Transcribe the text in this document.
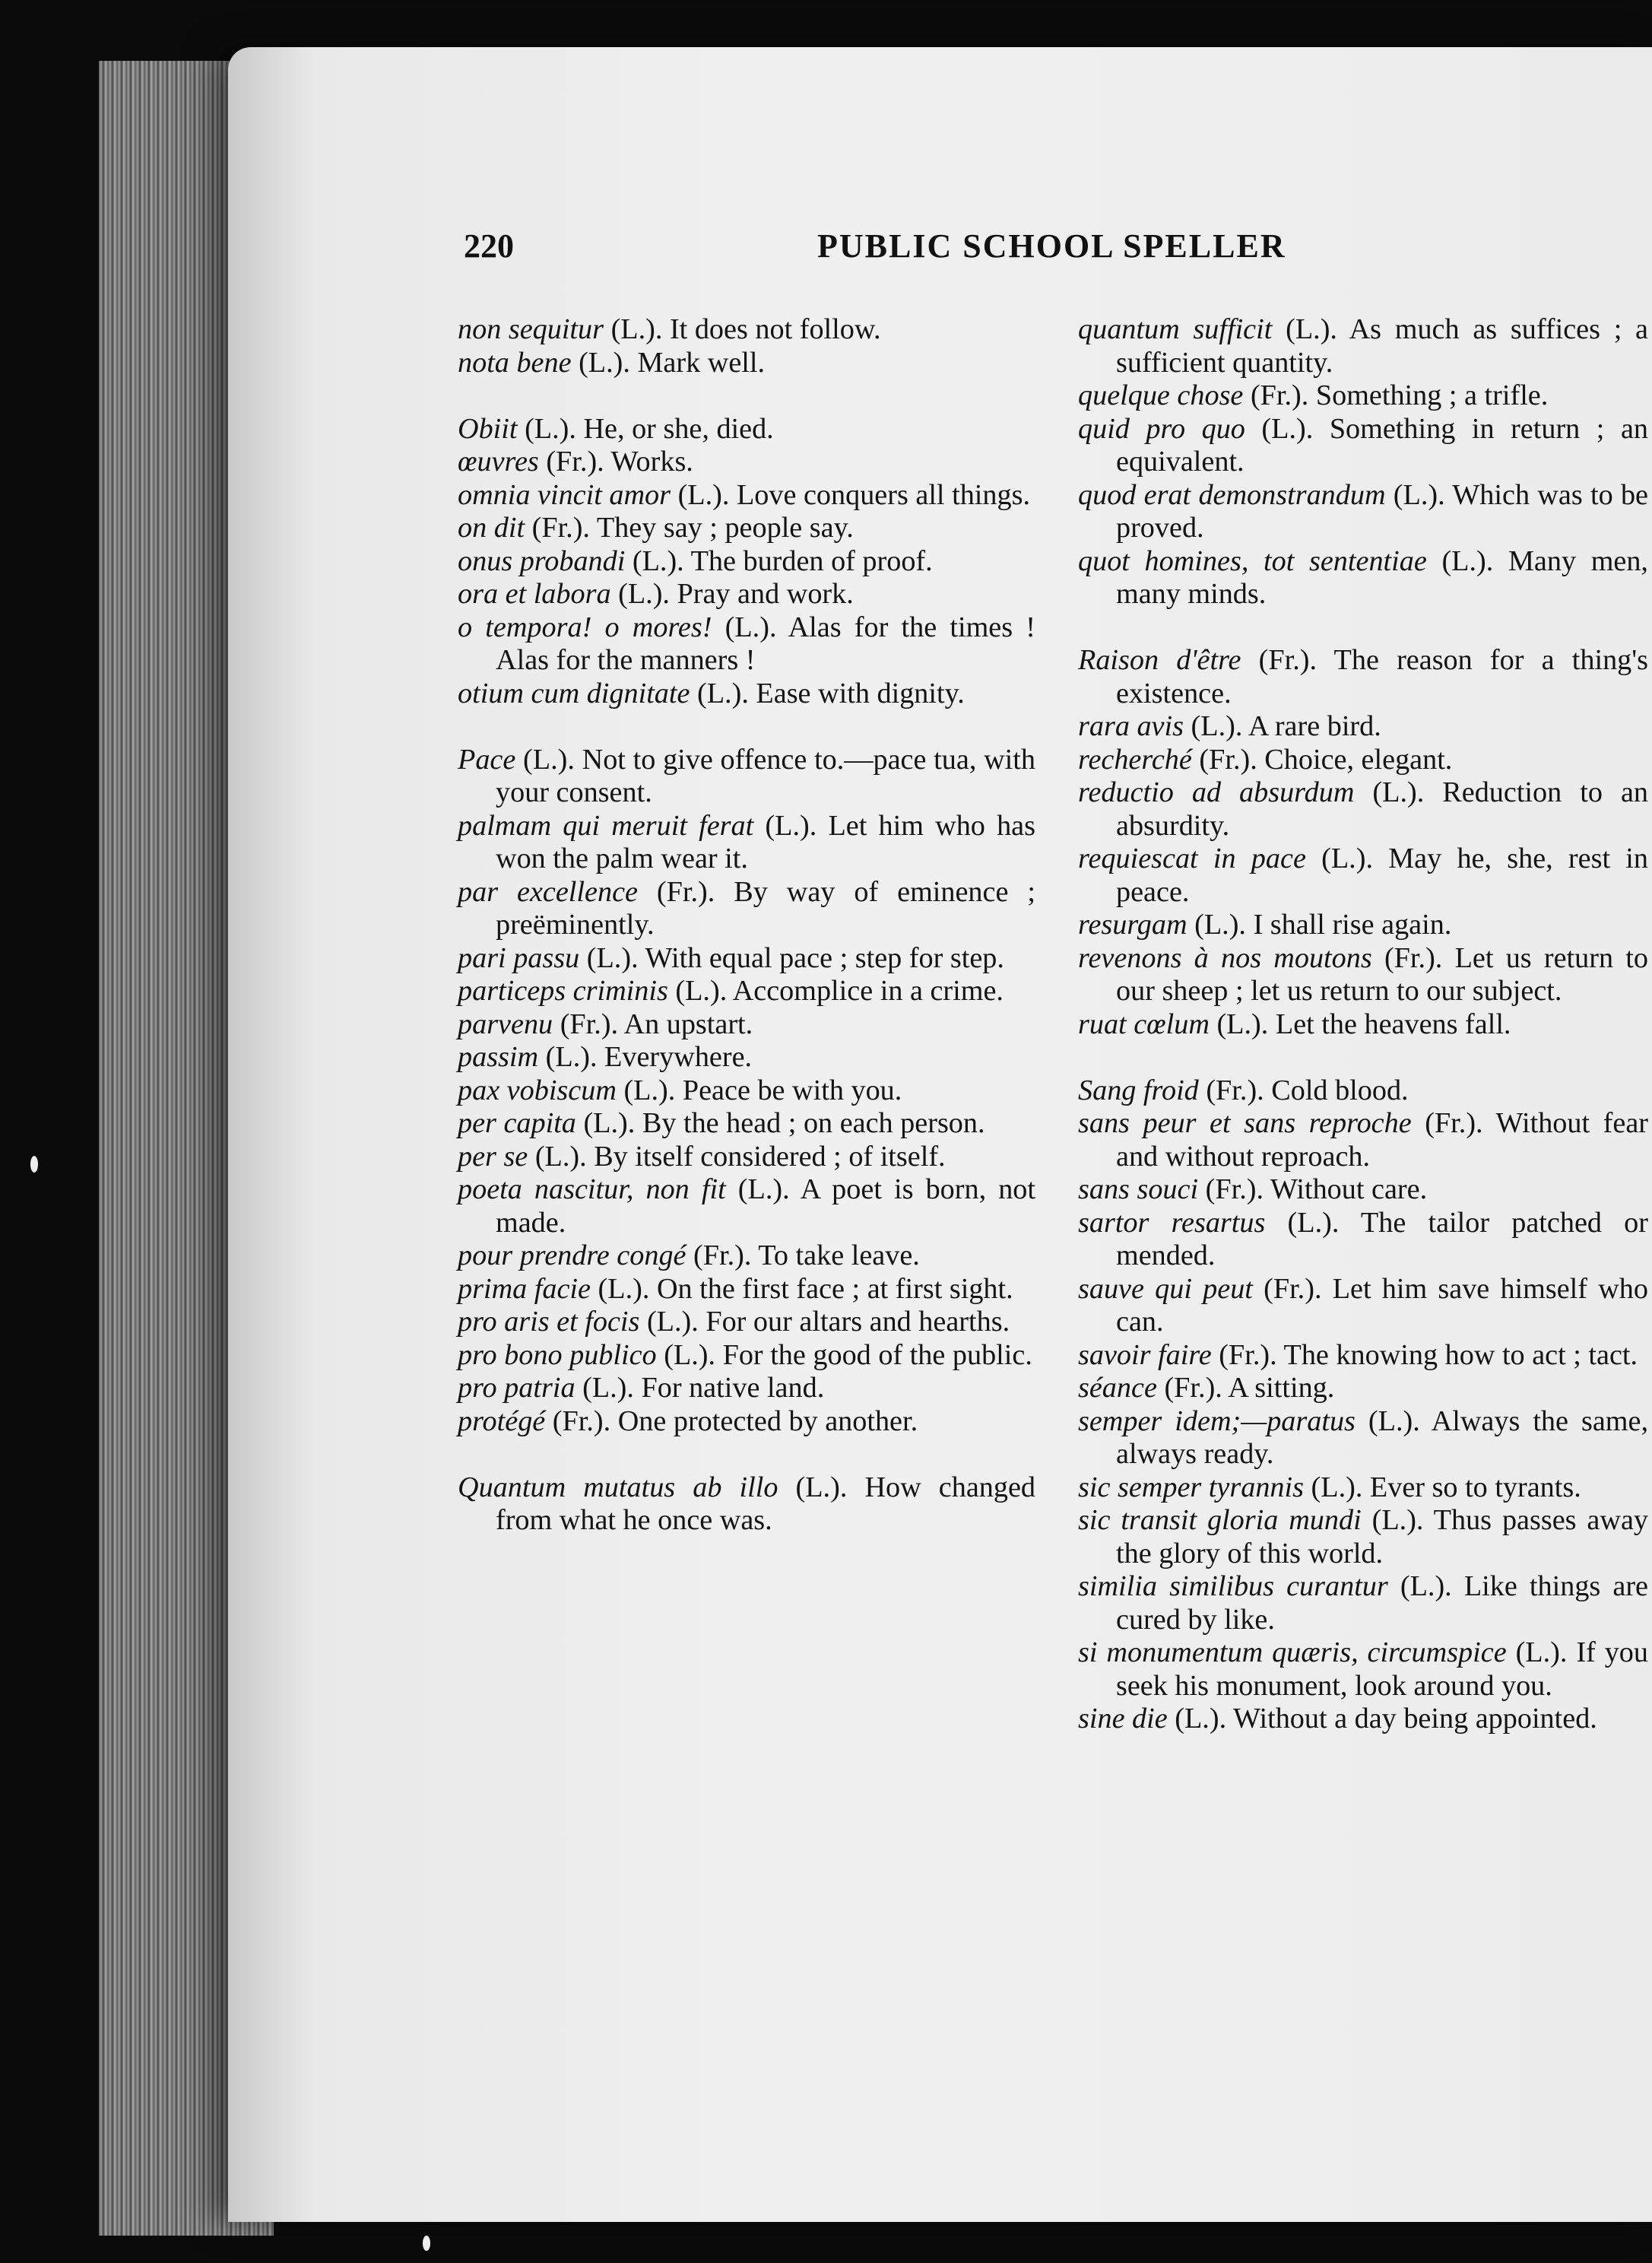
220	PUBLIC SCHOOL SPELLER

non sequitur (L.). It does not follow.

nota bene (L.). Mark well.

Obiit (L.). He, or she, died.

œuvres (Fr.). Works.

omnia vincit amor (L.). Love conquers all things.

on dit (Fr.). They say ; people say.

onus probandi (L.). The burden of proof.

ora et labora (L.). Pray and work.

o tempora! o mores! (L.). Alas for the times ! Alas for the manners !

otium cum dignitate (L.). Ease with dignity.

Pace (L.). Not to give offence to.—pace tua, with your consent.

palmam qui meruit ferat (L.). Let him who has won the palm wear it.

par excellence (Fr.). By way of eminence ; preëminently.

pari passu (L.). With equal pace ; step for step.

particeps criminis (L.). Accomplice in a crime.

parvenu (Fr.). An upstart.

passim (L.). Everywhere.

pax vobiscum (L.). Peace be with you.

per capita (L.). By the head ; on each person.

per se (L.). By itself considered ; of itself.

poeta nascitur, non fit (L.). A poet is born, not made.

pour prendre congé (Fr.). To take leave.

prima facie (L.). On the first face ; at first sight.

pro aris et focis (L.). For our altars and hearths.

pro bono publico (L.). For the good of the public.

pro patria (L.). For native land.

protégé (Fr.). One protected by another.

Quantum mutatus ab illo (L.). How changed from what he once was.

quantum sufficit (L.). As much as suffices ; a sufficient quantity.

quelque chose (Fr.). Something ; a trifle.

quid pro quo (L.). Something in return ; an equivalent.

quod erat demonstrandum (L.). Which was to be proved.

quot homines, tot sententiae (L.). Many men, many minds.

Raison d'être (Fr.). The reason for a thing's existence.

rara avis (L.). A rare bird.

recherché (Fr.). Choice, elegant.

reductio ad absurdum (L.). Reduction to an absurdity.

requiescat in pace (L.). May he, she, rest in peace.

resurgam (L.). I shall rise again.

revenons à nos moutons (Fr.). Let us return to our sheep ; let us return to our subject.

ruat cœlum (L.). Let the heavens fall.

Sang froid (Fr.). Cold blood.

sans peur et sans reproche (Fr.). Without fear and without reproach.

sans souci (Fr.). Without care.

sartor resartus (L.). The tailor patched or mended.

sauve qui peut (Fr.). Let him save himself who can.

savoir faire (Fr.). The knowing how to act ; tact.

séance (Fr.). A sitting.

semper idem;—paratus (L.). Always the same, always ready.

sic semper tyrannis (L.). Ever so to tyrants.

sic transit gloria mundi (L.). Thus passes away the glory of this world.

similia similibus curantur (L.). Like things are cured by like.

si monumentum quæris, circumspice (L.). If you seek his monument, look around you.

sine die (L.). Without a day being appointed.
